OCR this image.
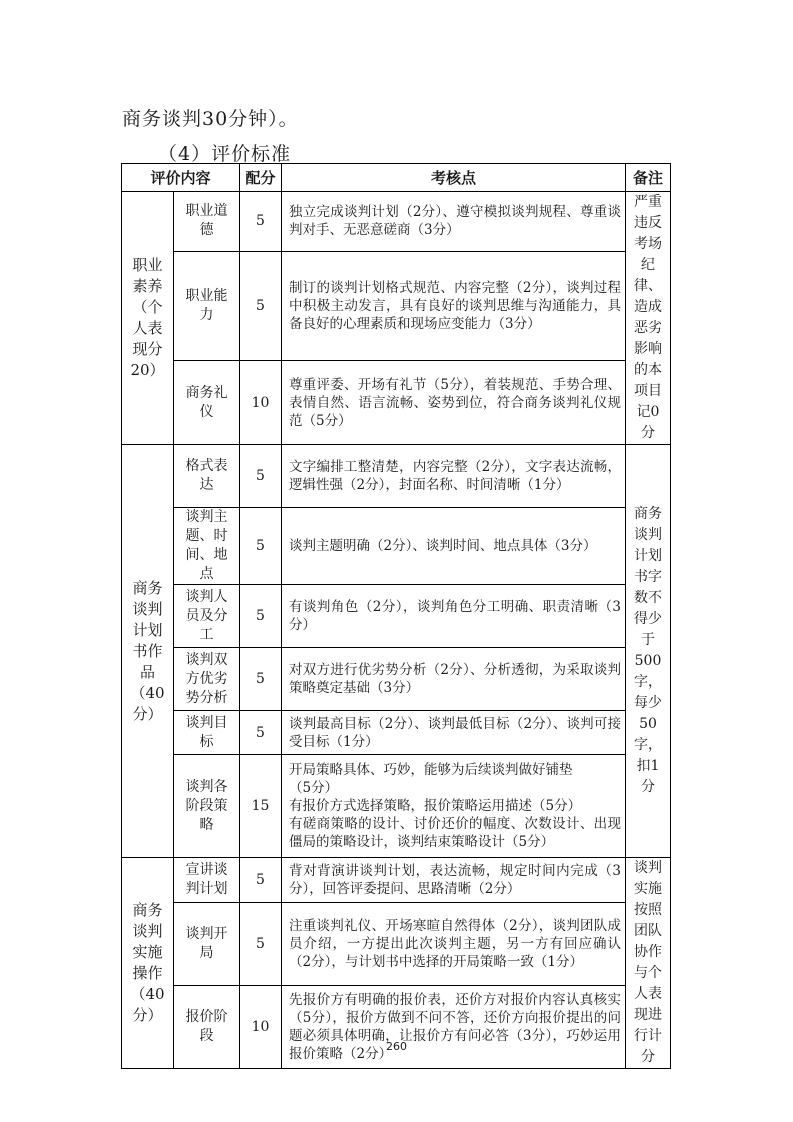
商务谈判30分钟）。

（4）评价标准

评价内容		配分	考核点	备注
职业素养（个人表现分20）	职业道德	5	独立完成谈判计划（2分）、遵守模拟谈判规程、尊重谈判对手、无恶意磋商（3分）	严重违反考场纪律、造成恶劣影响的本项目记0分
	职业能力	5	制订的谈判计划格式规范、内容完整（2分），谈判过程中积极主动发言，具有良好的谈判思维与沟通能力，具备良好的心理素质和现场应变能力（3分）	
	商务礼仪	10	尊重评委、开场有礼节（5分），着装规范、手势合理、表情自然、语言流畅、姿势到位，符合商务谈判礼仪规范（5分）	
商务谈判计划书作品（40分）	格式表达	5	文字编排工整清楚，内容完整（2分），文字表达流畅，逻辑性强（2分），封面名称、时间清晰（1分）	商务谈判计划书字数不得少于500字，每少50字，扣1分
	谈判主题、时间、地点	5	谈判主题明确（2分）、谈判时间、地点具体（3分）	
	谈判人员及分工	5	有谈判角色（2分），谈判角色分工明确、职责清晰（3分）	
	谈判双方优劣势分析	5	对双方进行优劣势分析（2分）、分析透彻，为采取谈判策略奠定基础（3分）	
	谈判目标	5	谈判最高目标（2分）、谈判最低目标（2分）、谈判可接受目标（1分）	
	谈判各阶段策略	15	开局策略具体、巧妙，能够为后续谈判做好铺垫
（5分）
有报价方式选择策略，报价策略运用描述（5分）
有磋商策略的设计、讨价还价的幅度、次数设计、出现僵局的策略设计，谈判结束策略设计（5分）	
商务谈判实施操作（40分）	宣讲谈判计划	5	背对背演讲谈判计划，表达流畅，规定时间内完成（3分），回答评委提问、思路清晰（2分）	谈判实施按照团队协作与个人表现进行计分
	谈判开局	5	注重谈判礼仪、开场寒暄自然得体（2分），谈判团队成员介绍，一方提出此次谈判主题，另一方有回应确认（2分），与计划书中选择的开局策略一致（1分）	
	报价阶段	10	先报价方有明确的报价表，还价方对报价内容认真核实（5分），报价方做到不问不答，还价方向报价提出的问题必须具体明确，让报价方有问必答（3分），巧妙运用报价策略（2分）	

260
